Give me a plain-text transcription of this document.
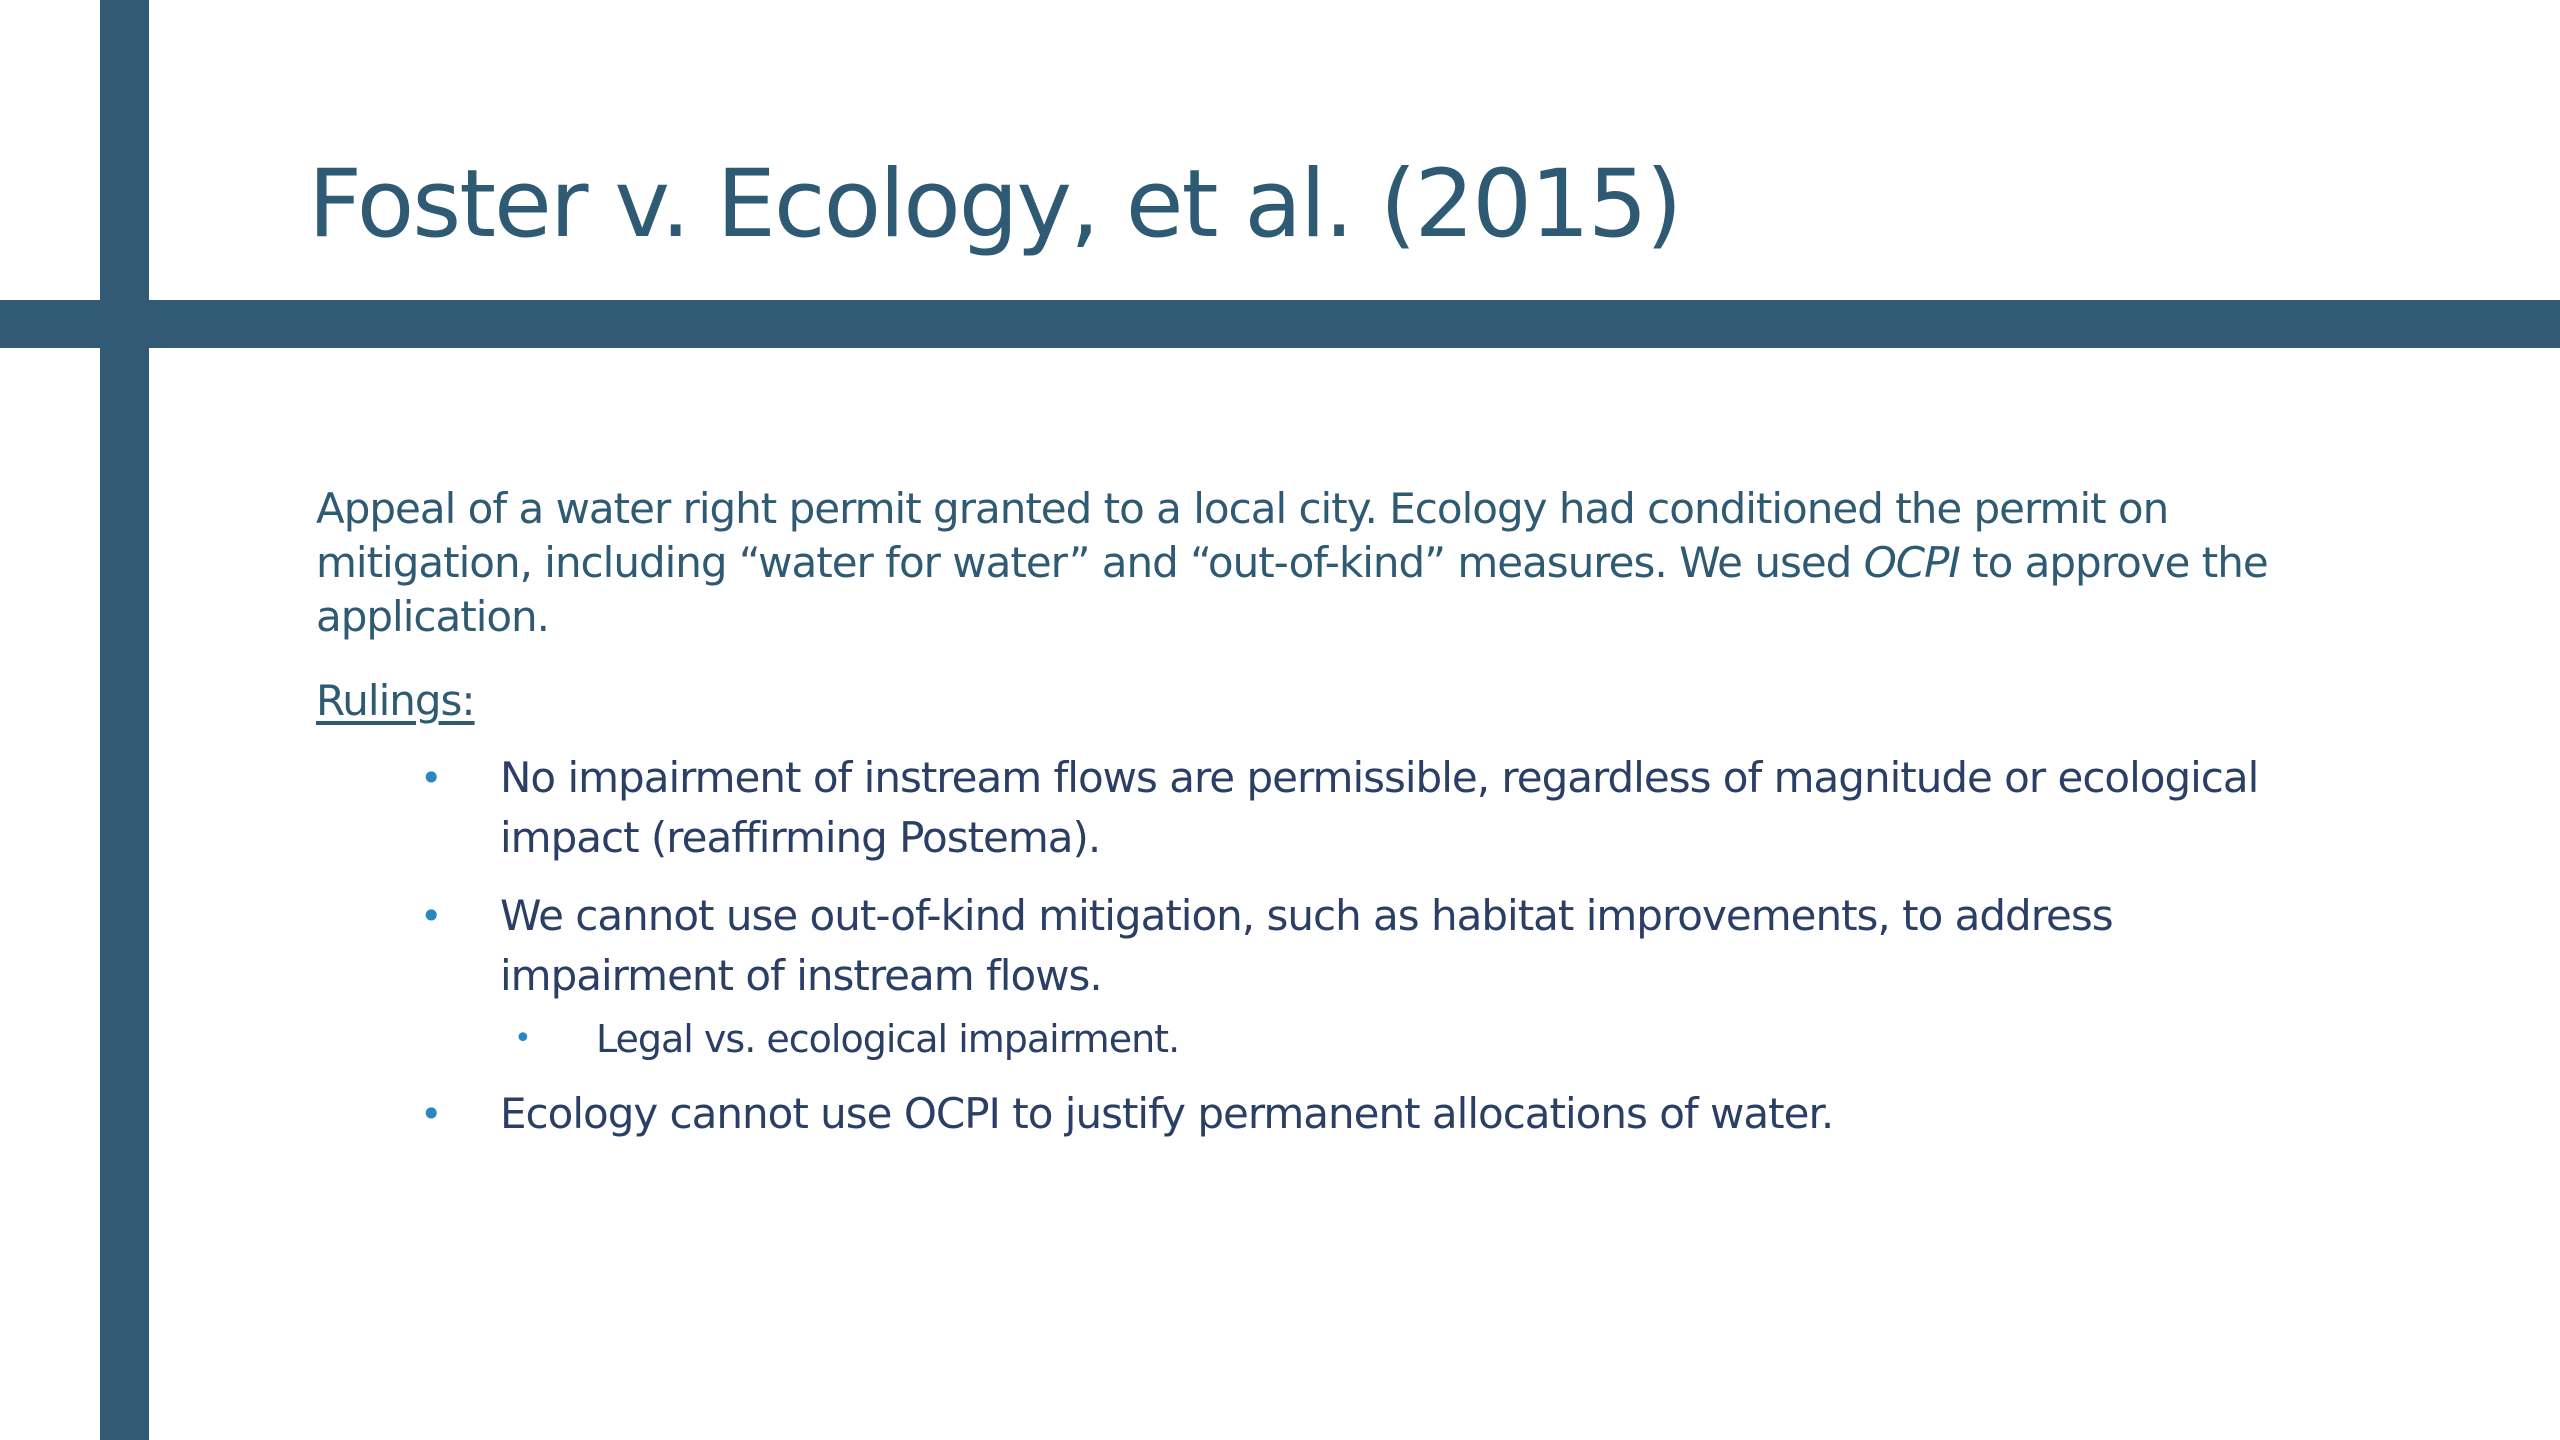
Foster v. Ecology, et al. (2015)

Appeal of a water right permit granted to a local city. Ecology had conditioned the permit on mitigation, including “water for water” and “out-of-kind” measures. We used OCPI to approve the application.

Rulings:

• No impairment of instream flows are permissible, regardless of magnitude or ecological impact (reaffirming Postema).
• We cannot use out-of-kind mitigation, such as habitat improvements, to address impairment of instream flows.
• Legal vs. ecological impairment.
• Ecology cannot use OCPI to justify permanent allocations of water.
